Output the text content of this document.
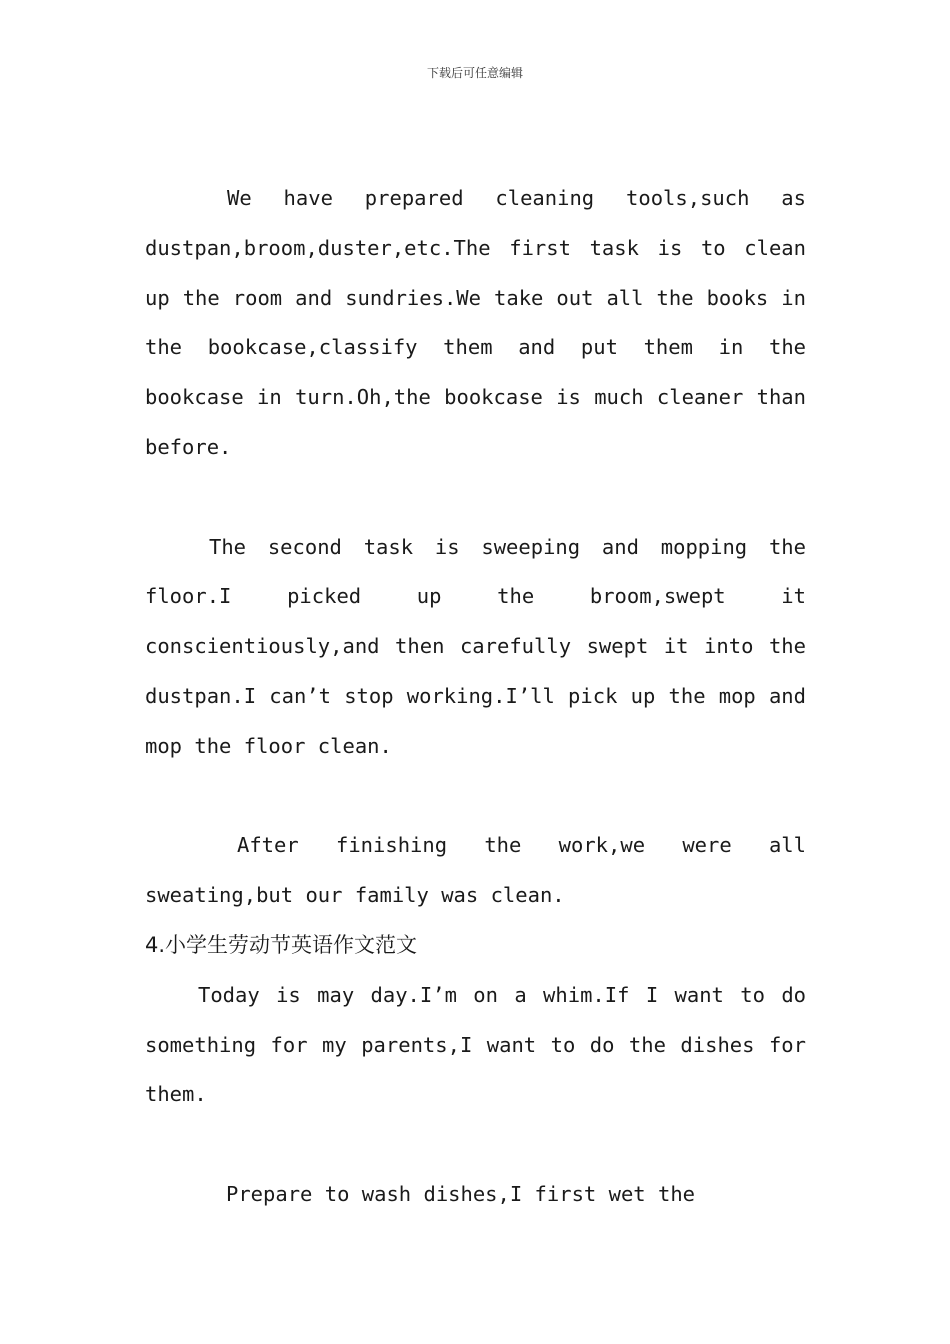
下载后可任意编辑

We have prepared cleaning tools,such as dustpan,broom,duster,etc.The first task is to clean up the room and sundries.We take out all the books in the bookcase,classify them and put them in the bookcase in turn.Oh,the bookcase is much cleaner than before.

The second task is sweeping and mopping the floor.I picked up the broom,swept it conscientiously,and then carefully swept it into the dustpan.I can’t stop working.I’ll pick up the mop and mop the floor clean.

After finishing the work,we were all sweating,but our family was clean.

4.小学生劳动节英语作文范文

Today is may day.I’m on a whim.If I want to do something for my parents,I want to do the dishes for them.

Prepare to wash dishes,I first wet the
